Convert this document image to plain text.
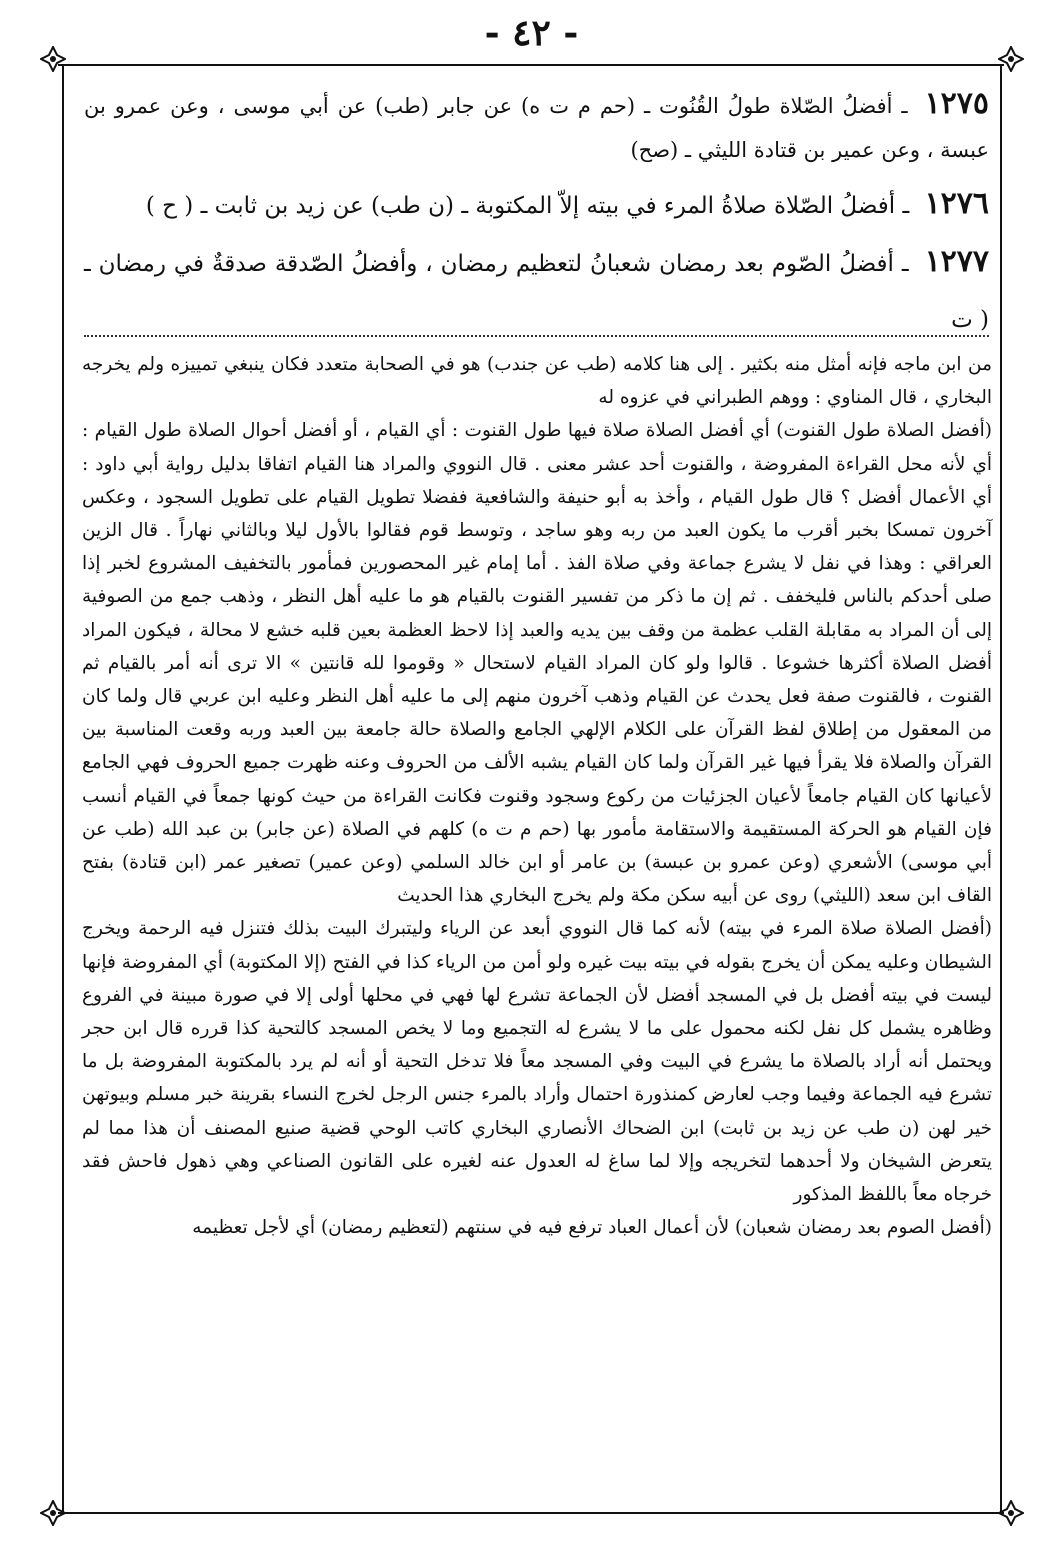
- ٤٢ -

١٢٧٥ ـ أفضلُ الصّلاة طولُ القُنُوت ـ (حم م ت ه) عن جابر (طب) عن أبي موسى ، وعن عمرو بن عبسة ، وعن عمير بن قتادة الليثي ـ (صح)

١٢٧٦ ـ أفضلُ الصّلاة صلاةُ المرء في بيته إلاّ المكتوبة ـ (ن طب) عن زيد بن ثابت ـ ( ح )

١٢٧٧ ـ أفضلُ الصّوم بعد رمضان شعبانُ لتعظيم رمضان ، وأفضلُ الصّدقة صدقةٌ في رمضان ـ ( ت

من ابن ماجه فإنه أمثل منه بكثير . إلى هنا كلامه (طب عن جندب) هو في الصحابة متعدد فكان ينبغي تمييزه ولم يخرجه البخاري ، قال المناوي : ووهم الطبراني في عزوه له

(أفضل الصلاة طول القنوت) أي أفضل الصلاة صلاة فيها طول القنوت : أي القيام ، أو أفضل أحوال الصلاة طول القيام : أي لأنه محل القراءة المفروضة ، والقنوت أحد عشر معنى . قال النووي والمراد هنا القيام اتفاقا بدليل رواية أبي داود : أي الأعمال أفضل ؟ قال طول القيام ، وأخذ به أبو حنيفة والشافعية ففضلا تطويل القيام على تطويل السجود ، وعكس آخرون تمسكا بخبر أقرب ما يكون العبد من ربه وهو ساجد ، وتوسط قوم فقالوا بالأول ليلا وبالثاني نهاراً . قال الزين العراقي : وهذا في نفل لا يشرع جماعة وفي صلاة الفذ . أما إمام غير المحصورين فمأمور بالتخفيف المشروع لخبر إذا صلى أحدكم بالناس فليخفف . ثم إن ما ذكر من تفسير القنوت بالقيام هو ما عليه أهل النظر ، وذهب جمع من الصوفية إلى أن المراد به مقابلة القلب عظمة من وقف بين يديه والعبد إذا لاحظ العظمة بعين قلبه خشع لا محالة ، فيكون المراد أفضل الصلاة أكثرها خشوعا . قالوا ولو كان المراد القيام لاستحال « وقوموا لله قانتين » الا ترى أنه أمر بالقيام ثم القنوت ، فالقنوت صفة فعل يحدث عن القيام وذهب آخرون منهم إلى ما عليه أهل النظر وعليه ابن عربي قال ولما كان من المعقول من إطلاق لفظ القرآن على الكلام الإلهي الجامع والصلاة حالة جامعة بين العبد وربه وقعت المناسبة بين القرآن والصلاة فلا يقرأ فيها غير القرآن ولما كان القيام يشبه الألف من الحروف وعنه ظهرت جميع الحروف فهي الجامع لأعيانها كان القيام جامعاً لأعيان الجزئيات من ركوع وسجود وقنوت فكانت القراءة من حيث كونها جمعاً في القيام أنسب فإن القيام هو الحركة المستقيمة والاستقامة مأمور بها (حم م ت ه) كلهم في الصلاة (عن جابر) بن عبد الله (طب عن أبي موسى) الأشعري (وعن عمرو بن عبسة) بن عامر أو ابن خالد السلمي (وعن عمير) تصغير عمر (ابن قتادة) بفتح القاف ابن سعد (الليثي) روى عن أبيه سكن مكة ولم يخرج البخاري هذا الحديث

(أفضل الصلاة صلاة المرء في بيته) لأنه كما قال النووي أبعد عن الرياء وليتبرك البيت بذلك فتنزل فيه الرحمة ويخرج الشيطان وعليه يمكن أن يخرج بقوله في بيته بيت غيره ولو أمن من الرياء كذا في الفتح (إلا المكتوبة) أي المفروضة فإنها ليست في بيته أفضل بل في المسجد أفضل لأن الجماعة تشرع لها فهي في محلها أولى إلا في صورة مبينة في الفروع وظاهره يشمل كل نفل لكنه محمول على ما لا يشرع له التجميع وما لا يخص المسجد كالتحية كذا قرره قال ابن حجر ويحتمل أنه أراد بالصلاة ما يشرع في البيت وفي المسجد معاً فلا تدخل التحية أو أنه لم يرد بالمكتوبة المفروضة بل ما تشرع فيه الجماعة وفيما وجب لعارض كمنذورة احتمال وأراد بالمرء جنس الرجل لخرج النساء بقرينة خبر مسلم وبيوتهن خير لهن (ن طب عن زيد بن ثابت) ابن الضحاك الأنصاري البخاري كاتب الوحي قضية صنيع المصنف أن هذا مما لم يتعرض الشيخان ولا أحدهما لتخريجه وإلا لما ساغ له العدول عنه لغيره على القانون الصناعي وهي ذهول فاحش فقد خرجاه معاً باللفظ المذكور

(أفضل الصوم بعد رمضان شعبان) لأن أعمال العباد ترفع فيه في سنتهم (لتعظيم رمضان) أي لأجل تعظيمه
